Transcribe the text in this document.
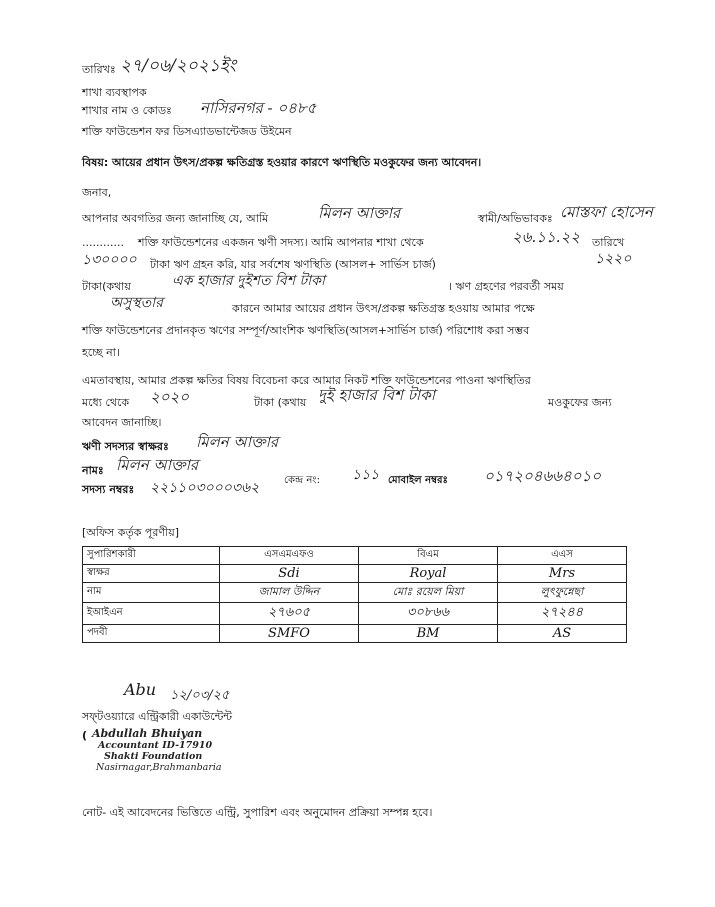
তারিখঃ ২৭/০৬/২০২১ইং
শাখা ব্যবস্থাপক
শাখার নাম ও কোডঃ নাসিরনগর - ০৪৮৫
শক্তি ফাউন্ডেশন ফর ডিসএ্যাডভান্টেজড উইমেন
বিষয়: আয়ের প্রধান উৎস/প্রকল্প ক্ষতিগ্রস্ত হওয়ার কারণে ঋণস্থিতি মওকুফের জন্য আবেদন।
জনাব,
আপনার অবগতির জন্য জানাচ্ছি যে, আমি	মিলন আক্তার	স্বামী/অভিভাবকঃ মোস্তফা হোসেন
............ শক্তি ফাউন্ডেশনের একজন ঋণী সদস্য। আমি আপনার শাখা থেকে	২৬.১১.২২ তারিখে
১৩০০০০ টাকা ঋণ গ্রহন করি, যার সর্বশেষ ঋণস্থিতি (আসল+ সার্ভিস চার্জ)	১২২০
টাকা(কথায়	এক হাজার দুইশত বিশ টাকা	। ঋণ গ্রহণের পরবর্তী সময়
অসুস্থতার	কারনে আমার আয়ের প্রধান উৎস/প্রকল্প ক্ষতিগ্রস্ত হওয়ায় আমার পক্ষে
শক্তি ফাউন্ডেশনের প্রদানকৃত ঋণের সম্পূর্ণ/আংশিক ঋণস্থিতি(আসল+সার্ভিস চার্জ) পরিশোধ করা সম্ভব
হচ্ছে না।
এমতাবস্থায়, আমার প্রকল্প ক্ষতির বিষয় বিবেচনা করে আমার নিকট শক্তি ফাউন্ডেশনের পাওনা ঋণস্থিতির
মধ্যে থেকে ২০২০	টাকা (কথায় দুই হাজার বিশ টাকা	মওকুফের জন্য
আবেদন জানাচ্ছি।
ঋণী সদস্যর স্বাক্ষরঃ মিলন আক্তার
নামঃ মিলন আক্তার
সদস্য নম্বরঃ ২২১১০৩০০০৩৬২ কেন্দ্র নং: ১১১ মোবাইল নম্বরঃ ০১৭২০৪৬৬৪০১০
[অফিস কর্তৃক পূরণীয়]
সুপারিশকারী	এসএমএফও	বিএম	এএস
স্বাক্ষর	Sdi	Royal	Mrs
নাম	জামাল উদ্দিন	মোঃ রয়েল মিয়া	লুৎফুন্নেছা
ইআইএন	২৭৬০৫	৩০৮৬৬	২৭২৪৪
পদবী	SMFO	BM	AS
Abu ১২/০৩/২৫
সফ্‌টওয়্যারে এন্ট্রিকারী একাউন্টেন্ট
( Abdullah Bhuiyan
Accountant ID-17910
Shakti Foundation
Nasirnagar,Brahmanbaria
নোট- এই আবেদনের ভিত্তিতে এন্ট্রি, সুপারিশ এবং অনুমোদন প্রক্রিয়া সম্পন্ন হবে।
